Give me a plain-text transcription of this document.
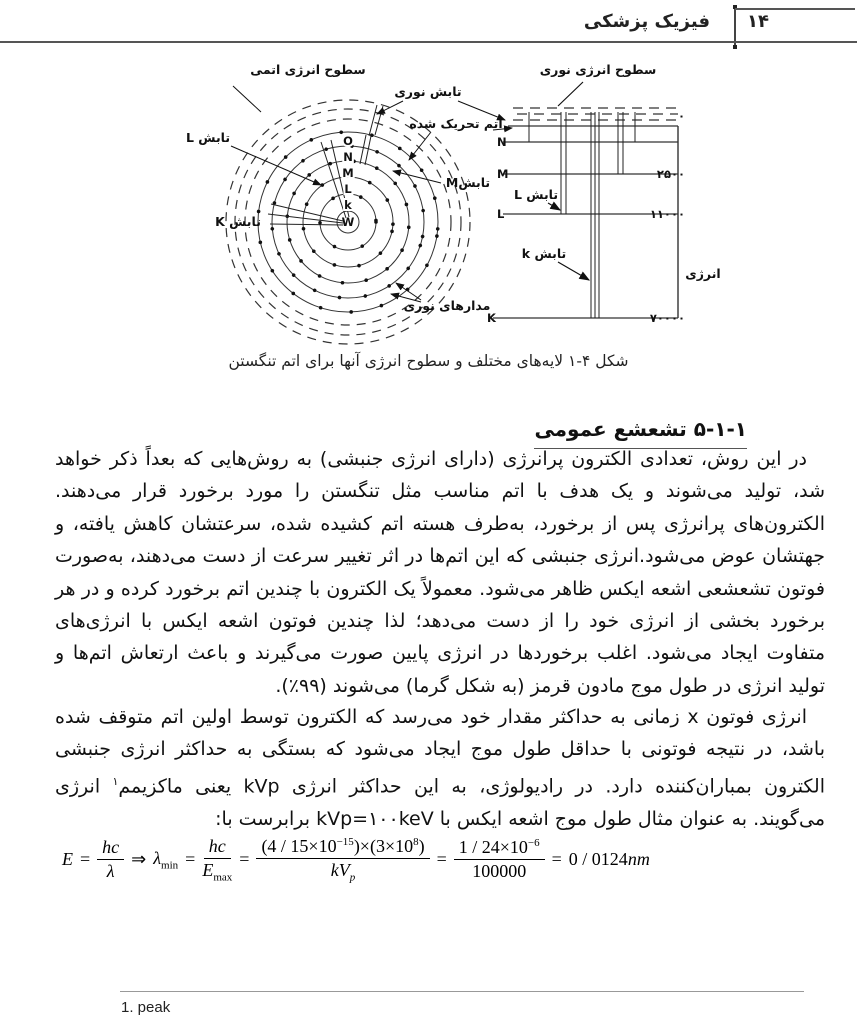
فیزیک پزشکی	۱۴
O
N
M
L
k
W
سطوح انرژی اتمی
تابش نوری
اتم تحریک شده
تابش L
تابش K
تابشM
مدارهای نوری
N
M
L
K
۰
۲۵۰۰
۱۱۰۰۰
۷۰۰۰۰
سطوح انرژی نوری
تابش L
تابش k
انرژی
شکل ۴-۱ لایه‌های مختلف و سطوح انرژی آنها برای اتم تنگستن
۵-۱-۱ تشعشع عمومی

در این روش، تعدادی الکترون پرانرژی (دارای انرژی جنبشی) به روش‌هایی که بعداً ذکر خواهد شد، تولید می‌شوند و یک هدف با اتم مناسب مثل تنگستن را مورد برخورد قرار می‌دهند. الکترون‌های پرانرژی پس از برخورد، به‌طرف هسته اتم کشیده شده، سرعتشان کاهش یافته، و جهتشان عوض می‌شود.انرژی جنبشی که این اتم‌ها در اثر تغییر سرعت از دست می‌دهند، به‌صورت فوتون تشعشعی اشعه ایکس ظاهر می‌شود. معمولاً یک الکترون با چندین اتم برخورد کرده و در هر برخورد بخشی از انرژی خود را از دست می‌دهد؛ لذا چندین فوتون اشعه ایکس با انرژی‌های متفاوت ایجاد می‌شود. اغلب برخوردها در انرژی پایین صورت می‌گیرند و باعث ارتعاش اتم‌ها و تولید انرژی در طول موج مادون قرمز (به شکل گرما) می‌شوند (۹۹٪).

انرژی فوتون x زمانی به حداکثر مقدار خود می‌رسد که الکترون توسط اولین اتم متوقف شده باشد، در نتیجه فوتونی با حداقل طول موج ایجاد می‌شود که بستگی به حداکثر انرژی جنبشی الکترون بمباران‌کننده دارد. در رادیولوژی، به این حداکثر انرژی kVp یعنی ماکزیمم$^۱$ انرژی می‌گویند. به عنوان مثال طول موج اشعه ایکس با ‪kVp=۱۰۰keV‬ برابرست با:

$E = \frac{hc}{\lambda}$ ⇒ $\lambda_{min} = \frac{hc}{E_{max}} = \frac{(4 / 15\times 10^{-15})\times(3\times 10^8)}{kV_p} = \frac{1 / 24\times 10^{-6}}{100000} = 0 / 0124nm$
1. peak
